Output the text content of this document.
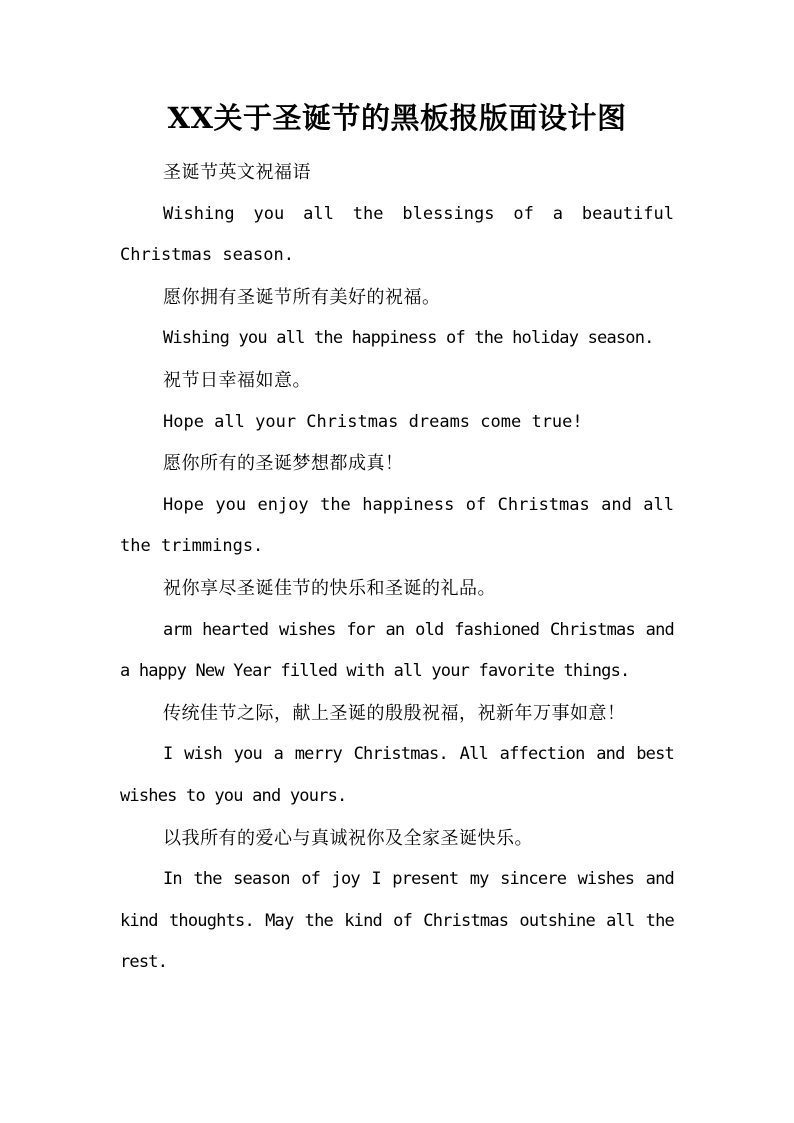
XX关于圣诞节的黑板报版面设计图

圣诞节英文祝福语

Wishing you all the blessings of a beautiful Christmas season.

愿你拥有圣诞节所有美好的祝福。

Wishing you all the happiness of the holiday season.

祝节日幸福如意。

Hope all your Christmas dreams come true!

愿你所有的圣诞梦想都成真！

Hope you enjoy the happiness of Christmas and all the trimmings.

祝你享尽圣诞佳节的快乐和圣诞的礼品。

arm hearted wishes for an old fashioned Christmas and a happy New Year filled with all your favorite things.

传统佳节之际，献上圣诞的殷殷祝福，祝新年万事如意！

I wish you a merry Christmas. All affection and best wishes to you and yours.

以我所有的爱心与真诚祝你及全家圣诞快乐。

In the season of joy I present my sincere wishes and kind thoughts. May the kind of Christmas outshine all the rest.
